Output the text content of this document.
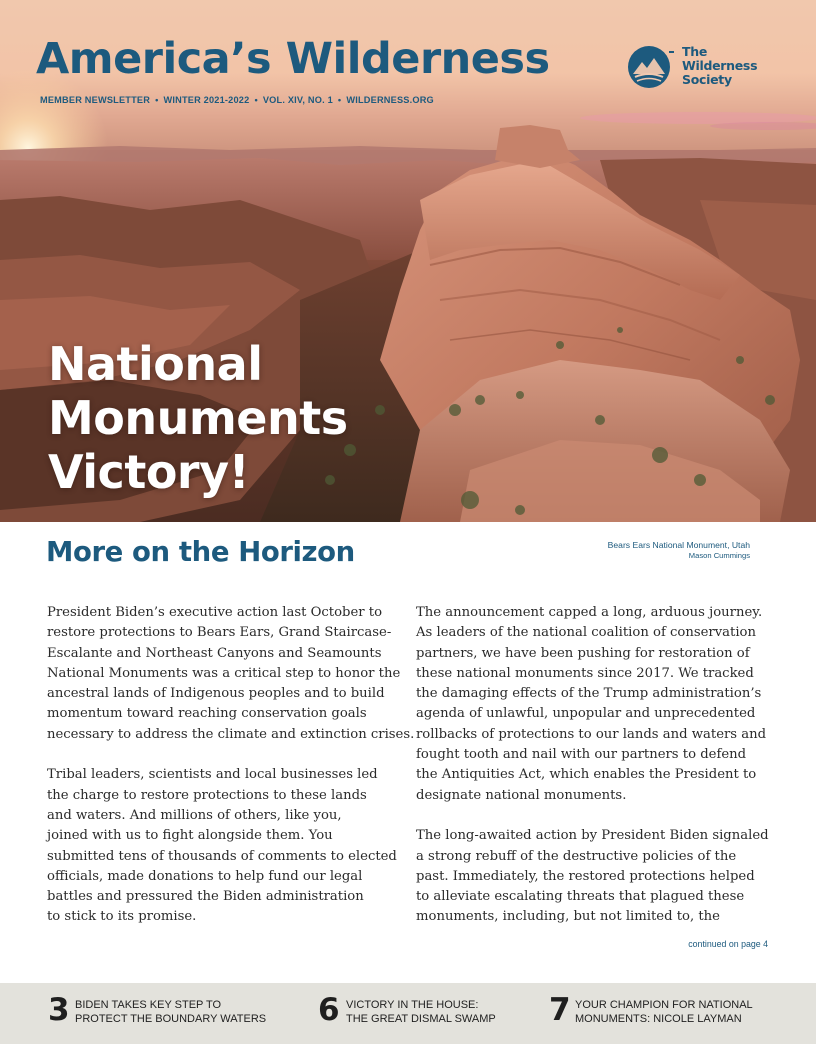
America’s Wilderness
MEMBER NEWSLETTER • WINTER 2021-2022 • VOL. XIV, NO. 1 • WILDERNESS.ORG
The
Wilderness
Society
National
Monuments
Victory!
More on the Horizon	Bears Ears National Monument, Utah
Mason Cummings

President Biden’s executive action last October to
restore protections to Bears Ears, Grand Staircase-
Escalante and Northeast Canyons and Seamounts
National Monuments was a critical step to honor the
ancestral lands of Indigenous peoples and to build
momentum toward reaching conservation goals
necessary to address the climate and extinction crises.

Tribal leaders, scientists and local businesses led
the charge to restore protections to these lands
and waters. And millions of others, like you,
joined with us to fight alongside them. You
submitted tens of thousands of comments to elected
officials, made donations to help fund our legal
battles and pressured the Biden administration
to stick to its promise.

The announcement capped a long, arduous journey.
As leaders of the national coalition of conservation
partners, we have been pushing for restoration of
these national monuments since 2017. We tracked
the damaging effects of the Trump administration’s
agenda of unlawful, unpopular and unprecedented
rollbacks of protections to our lands and waters and
fought tooth and nail with our partners to defend
the Antiquities Act, which enables the President to
designate national monuments.

The long-awaited action by President Biden signaled
a strong rebuff of the destructive policies of the
past. Immediately, the restored protections helped
to alleviate escalating threats that plagued these
monuments, including, but not limited to, the

continued on page 4
3 BIDEN TAKES KEY STEP TO
PROTECT THE BOUNDARY WATERS 6 VICTORY IN THE HOUSE:
THE GREAT DISMAL SWAMP 7 YOUR CHAMPION FOR NATIONAL
MONUMENTS: NICOLE LAYMAN
